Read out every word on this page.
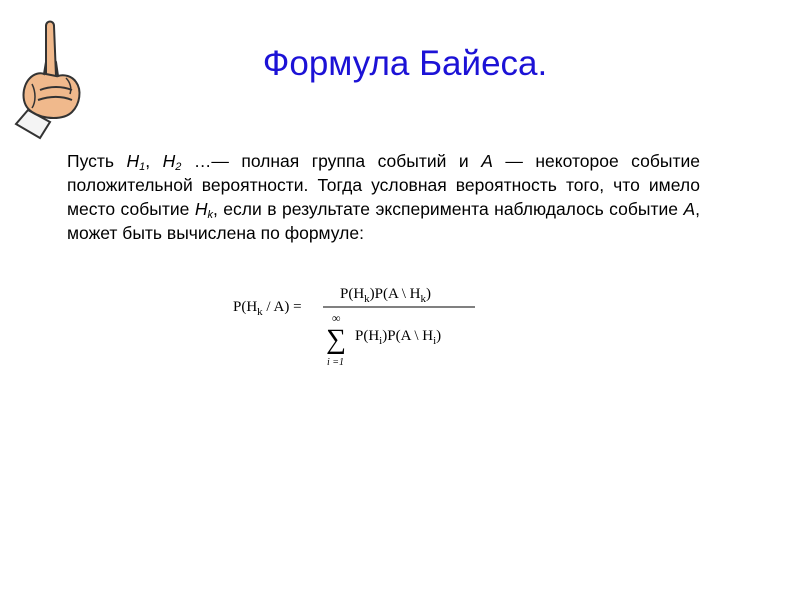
Формула Байеса.

Пусть $H_1$, $H_2$ …— полная группа событий и A — некоторое событие положительной вероятности. Тогда условная вероятность того, что имело место событие $H_k$, если в результате эксперимента наблюдалось событие A, может быть вычислена по формуле:

$P(H_k / A)$ =
$P(H_k)P(A$ \ $H_k$)
∞
∑
i =1
$P(H_i)P(A$ \ $H_i$)
